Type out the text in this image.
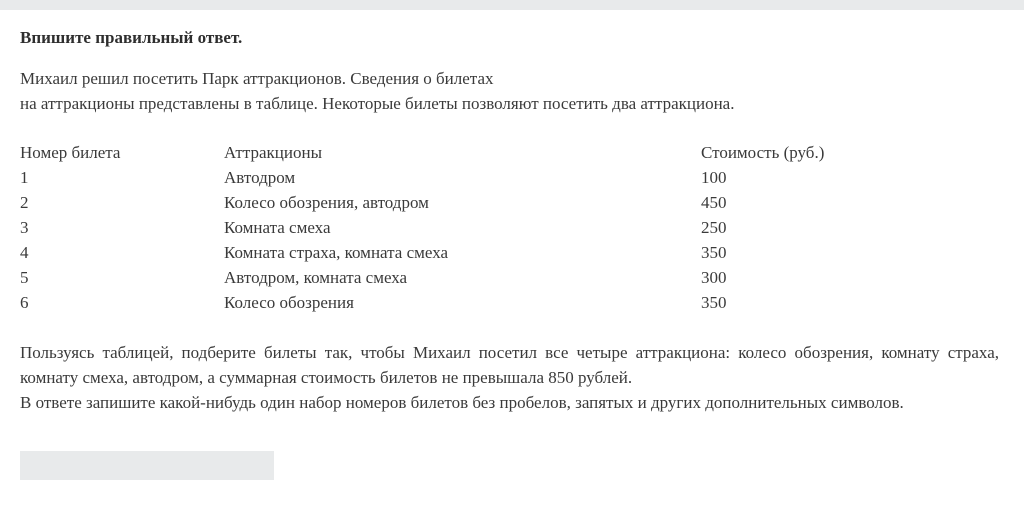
Впишите правильный ответ.
Михаил решил посетить Парк аттракционов. Сведения о билетах
на аттракционы представлены в таблице. Некоторые билеты позволяют посетить два аттракциона.
Номер билета	Аттракционы	Стоимость (руб.)
1	Автодром	100
2	Колесо обозрения, автодром	450
3	Комната смеха	250
4	Комната страха, комната смеха	350
5	Автодром, комната смеха	300
6	Колесо обозрения	350

Пользуясь таблицей, подберите билеты так, чтобы Михаил посетил все четыре аттракциона: колесо обозрения, комнату страха, комнату смеха, автодром, а суммарная стоимость билетов не превышала 850 рублей.

В ответе запишите какой-нибудь один набор номеров билетов без пробелов, запятых и других дополнительных символов.
